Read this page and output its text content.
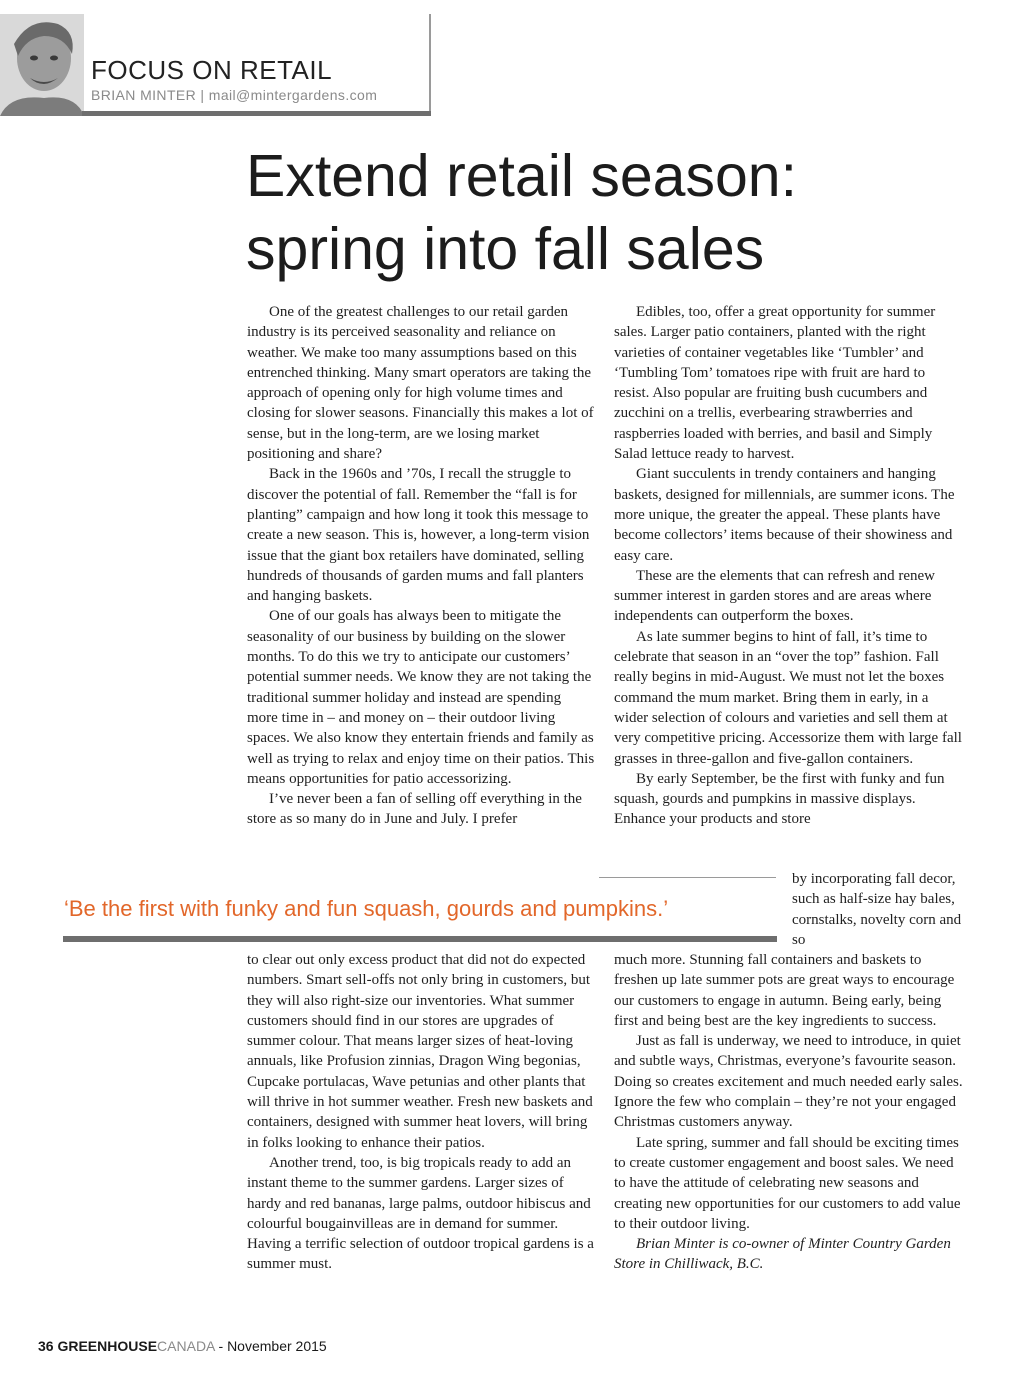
FOCUS ON RETAIL
BRIAN MINTER | mail@mintergardens.com
Extend retail season:
spring into fall sales

One of the greatest challenges to our retail garden industry is its perceived seasonality and reliance on weather. We make too many assumptions based on this entrenched thinking. Many smart operators are taking the approach of opening only for high volume times and closing for slower seasons. Financially this makes a lot of sense, but in the long-term, are we losing market positioning and share?

Back in the 1960s and ’70s, I recall the struggle to discover the potential of fall. Remember the “fall is for planting” campaign and how long it took this message to create a new season. This is, however, a long-term vision issue that the giant box retailers have dominated, selling hundreds of thousands of garden mums and fall planters and hanging baskets.

One of our goals has always been to mitigate the seasonality of our business by building on the slower months. To do this we try to anticipate our customers’ potential summer needs. We know they are not taking the traditional summer holiday and instead are spending more time in – and money on – their outdoor living spaces. We also know they entertain friends and family as well as trying to relax and enjoy time on their patios. This means opportunities for patio accessorizing.

I’ve never been a fan of selling off everything in the store as so many do in June and July. I prefer

Edibles, too, offer a great opportunity for summer sales. Larger patio containers, planted with the right varieties of container vegetables like ‘Tumbler’ and ‘Tumbling Tom’ tomatoes ripe with fruit are hard to resist. Also popular are fruiting bush cucumbers and zucchini on a trellis, everbearing strawberries and raspberries loaded with berries, and basil and Simply Salad lettuce ready to harvest.

Giant succulents in trendy containers and hanging baskets, designed for millennials, are summer icons. The more unique, the greater the appeal. These plants have become collectors’ items because of their showiness and easy care.

These are the elements that can refresh and renew summer interest in garden stores and are areas where independents can outperform the boxes.

As late summer begins to hint of fall, it’s time to celebrate that season in an “over the top” fashion. Fall really begins in mid-August. We must not let the boxes command the mum market. Bring them in early, in a wider selection of colours and varieties and sell them at very competitive pricing. Accessorize them with large fall grasses in three-gallon and five-gallon containers.

By early September, be the first with funky and fun squash, gourds and pumpkins in massive displays. Enhance your products and store

‘Be the first with funky and fun squash, gourds and pumpkins.’
by incorporating fall decor, such as half-size hay bales, cornstalks, novelty corn and so

to clear out only excess product that did not do expected numbers. Smart sell-offs not only bring in customers, but they will also right-size our inventories. What summer customers should find in our stores are upgrades of summer colour. That means larger sizes of heat-loving annuals, like Profusion zinnias, Dragon Wing begonias, Cupcake portulacas, Wave petunias and other plants that will thrive in hot summer weather. Fresh new baskets and containers, designed with summer heat lovers, will bring in folks looking to enhance their patios.

Another trend, too, is big tropicals ready to add an instant theme to the summer gardens. Larger sizes of hardy and red bananas, large palms, outdoor hibiscus and colourful bougainvilleas are in demand for summer. Having a terrific selection of outdoor tropical gardens is a summer must.

much more. Stunning fall containers and baskets to freshen up late summer pots are great ways to encourage our customers to engage in autumn. Being early, being first and being best are the key ingredients to success.

Just as fall is underway, we need to introduce, in quiet and subtle ways, Christmas, everyone’s favourite season. Doing so creates excitement and much needed early sales. Ignore the few who complain – they’re not your engaged Christmas customers anyway.

Late spring, summer and fall should be exciting times to create customer engagement and boost sales. We need to have the attitude of celebrating new seasons and creating new opportunities for our customers to add value to their outdoor living.

Brian Minter is co-owner of Minter Country Garden Store in Chilliwack, B.C.

36 GREENHOUSECANADA - November 2015
